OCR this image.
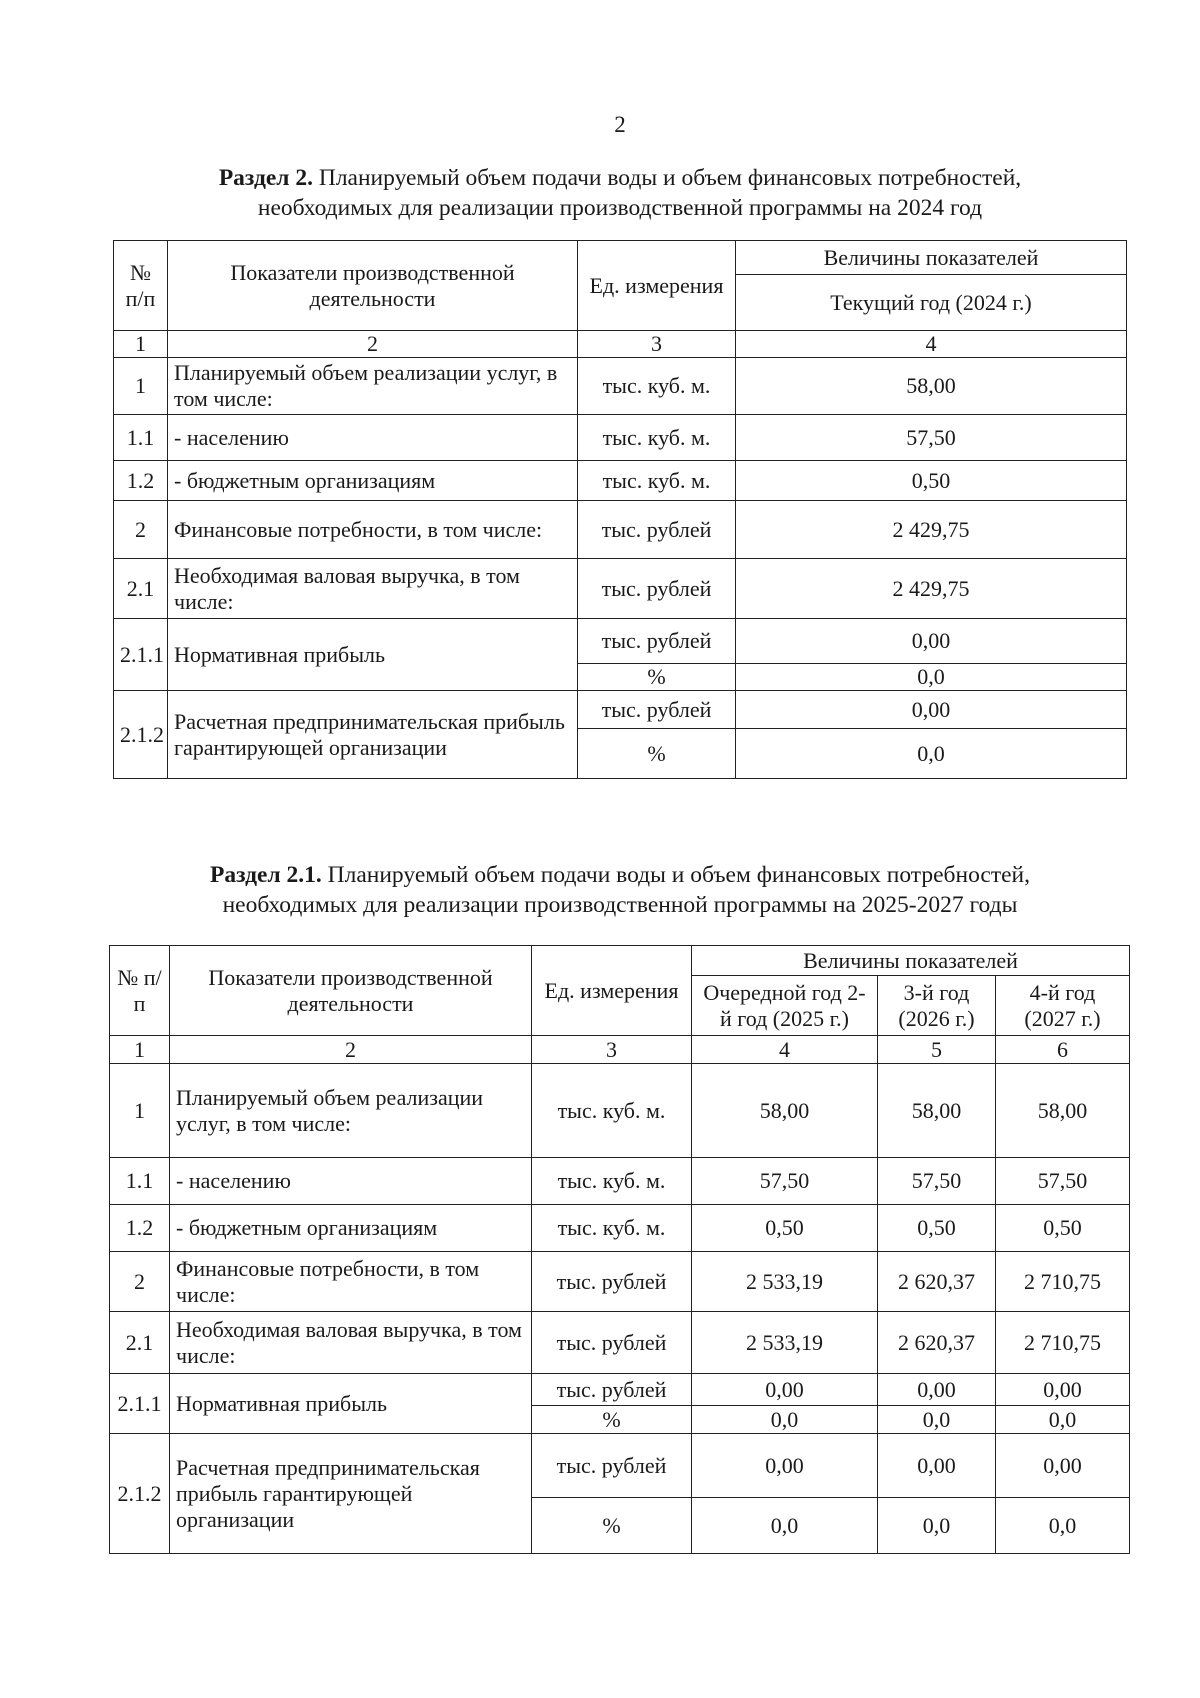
2
Раздел 2. Планируемый объем подачи воды и объем финансовых потребностей,
необходимых для реализации производственной программы на 2024 год
№ п/п	Показатели производственной деятельности	Ед. измерения	Величины показателей
			Текущий год (2024 г.)
1	2	3	4
1	Планируемый объем реализации услуг, в том числе:	тыс. куб. м.	58,00
1.1	- населению	тыс. куб. м.	57,50
1.2	- бюджетным организациям	тыс. куб. м.	0,50
2	Финансовые потребности, в том числе:	тыс. рублей	2 429,75
2.1	Необходимая валовая выручка, в том числе:	тыс. рублей	2 429,75
2.1.1	Нормативная прибыль	тыс. рублей	0,00
		%	0,0
2.1.2	Расчетная предпринимательская прибыль гарантирующей организации	тыс. рублей	0,00
		%	0,0
Раздел 2.1. Планируемый объем подачи воды и объем финансовых потребностей,
необходимых для реализации производственной программы на 2025-2027 годы
№ п/п	Показатели производственной деятельности	Ед. измерения	Величины показателей		
			Очередной год 2-й год (2025 г.)	3-й год (2026 г.)	4-й год (2027 г.)
1	2	3	4	5	6
1	Планируемый объем реализации услуг, в том числе:	тыс. куб. м.	58,00	58,00	58,00
1.1	- населению	тыс. куб. м.	57,50	57,50	57,50
1.2	- бюджетным организациям	тыс. куб. м.	0,50	0,50	0,50
2	Финансовые потребности, в том числе:	тыс. рублей	2 533,19	2 620,37	2 710,75
2.1	Необходимая валовая выручка, в том числе:	тыс. рублей	2 533,19	2 620,37	2 710,75
2.1.1	Нормативная прибыль	тыс. рублей	0,00	0,00	0,00
		%	0,0	0,0	0,0
2.1.2	Расчетная предпринимательская прибыль гарантирующей организации	тыс. рублей	0,00	0,00	0,00
		%	0,0	0,0	0,0
